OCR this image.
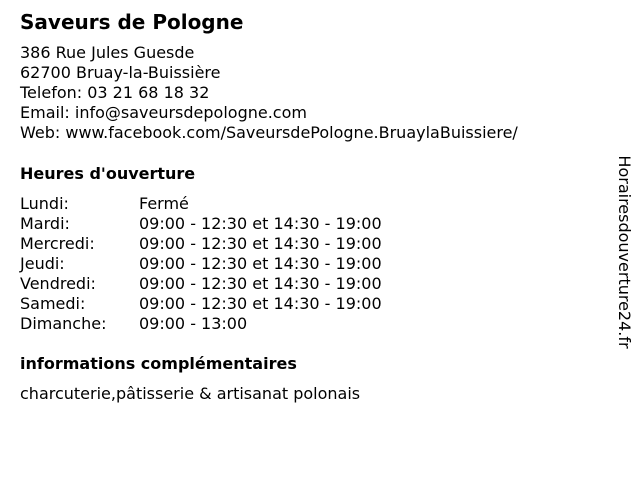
Saveurs de Pologne
386 Rue Jules Guesde
62700 Bruay-la-Buissière
Telefon: 03 21 68 18 32
Email: info@saveursdepologne.com
Web: www.facebook.com/SaveursdePologne.BruaylaBuissiere/
Heures d'ouverture
Lundi:	Fermé
Mardi:	09:00 - 12:30 et 14:30 - 19:00
Mercredi:	09:00 - 12:30 et 14:30 - 19:00
Jeudi:	09:00 - 12:30 et 14:30 - 19:00
Vendredi:	09:00 - 12:30 et 14:30 - 19:00
Samedi:	09:00 - 12:30 et 14:30 - 19:00
Dimanche:	09:00 - 13:00
informations complémentaires
charcuterie,pâtisserie & artisanat polonais
Horairesdouverture24.fr
